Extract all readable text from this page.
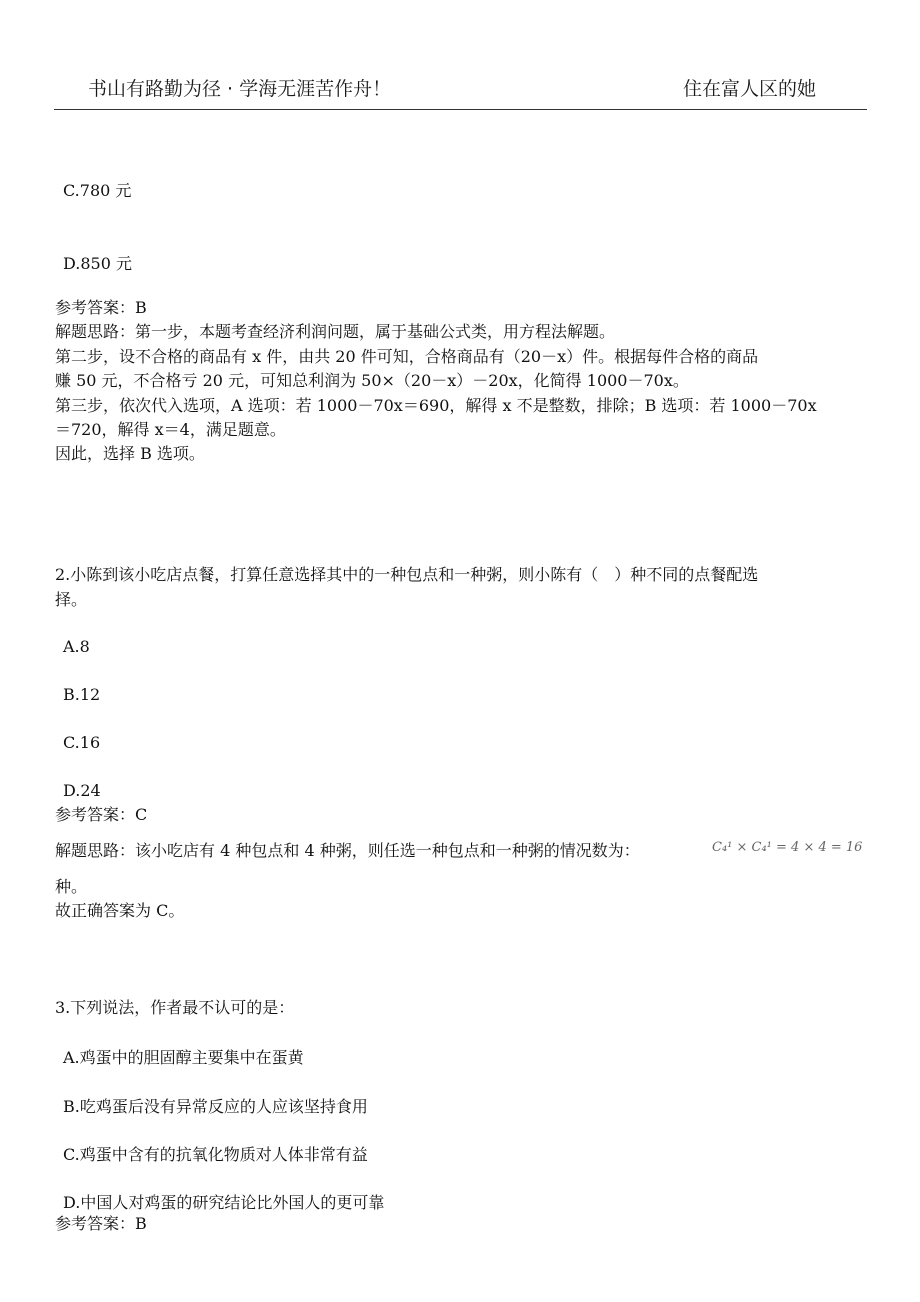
书山有路勤为径 · 学海无涯苦作舟！	住在富人区的她
C.780 元
D.850 元
参考答案：B
解题思路：第一步，本题考查经济利润问题，属于基础公式类，用方程法解题。
第二步，设不合格的商品有 x 件，由共 20 件可知，合格商品有（20－x）件。根据每件合格的商品
赚 50 元，不合格亏 20 元，可知总利润为 50×（20－x）－20x，化简得 1000－70x。
第三步，依次代入选项，A 选项：若 1000－70x＝690，解得 x 不是整数，排除；B 选项：若 1000－70x
＝720，解得 x＝4，满足题意。
因此，选择 B 选项。
2.小陈到该小吃店点餐，打算任意选择其中的一种包点和一种粥，则小陈有（　）种不同的点餐配选
择。
A.8
B.12
C.16
D.24
参考答案：C
解题思路：该小吃店有 4 种包点和 4 种粥，则任选一种包点和一种粥的情况数为：	C₄¹ × C₄¹ = 4 × 4 = 16
种。
故正确答案为 C。
3.下列说法，作者最不认可的是：
A.鸡蛋中的胆固醇主要集中在蛋黄
B.吃鸡蛋后没有异常反应的人应该坚持食用
C.鸡蛋中含有的抗氧化物质对人体非常有益
D.中国人对鸡蛋的研究结论比外国人的更可靠
参考答案：B
